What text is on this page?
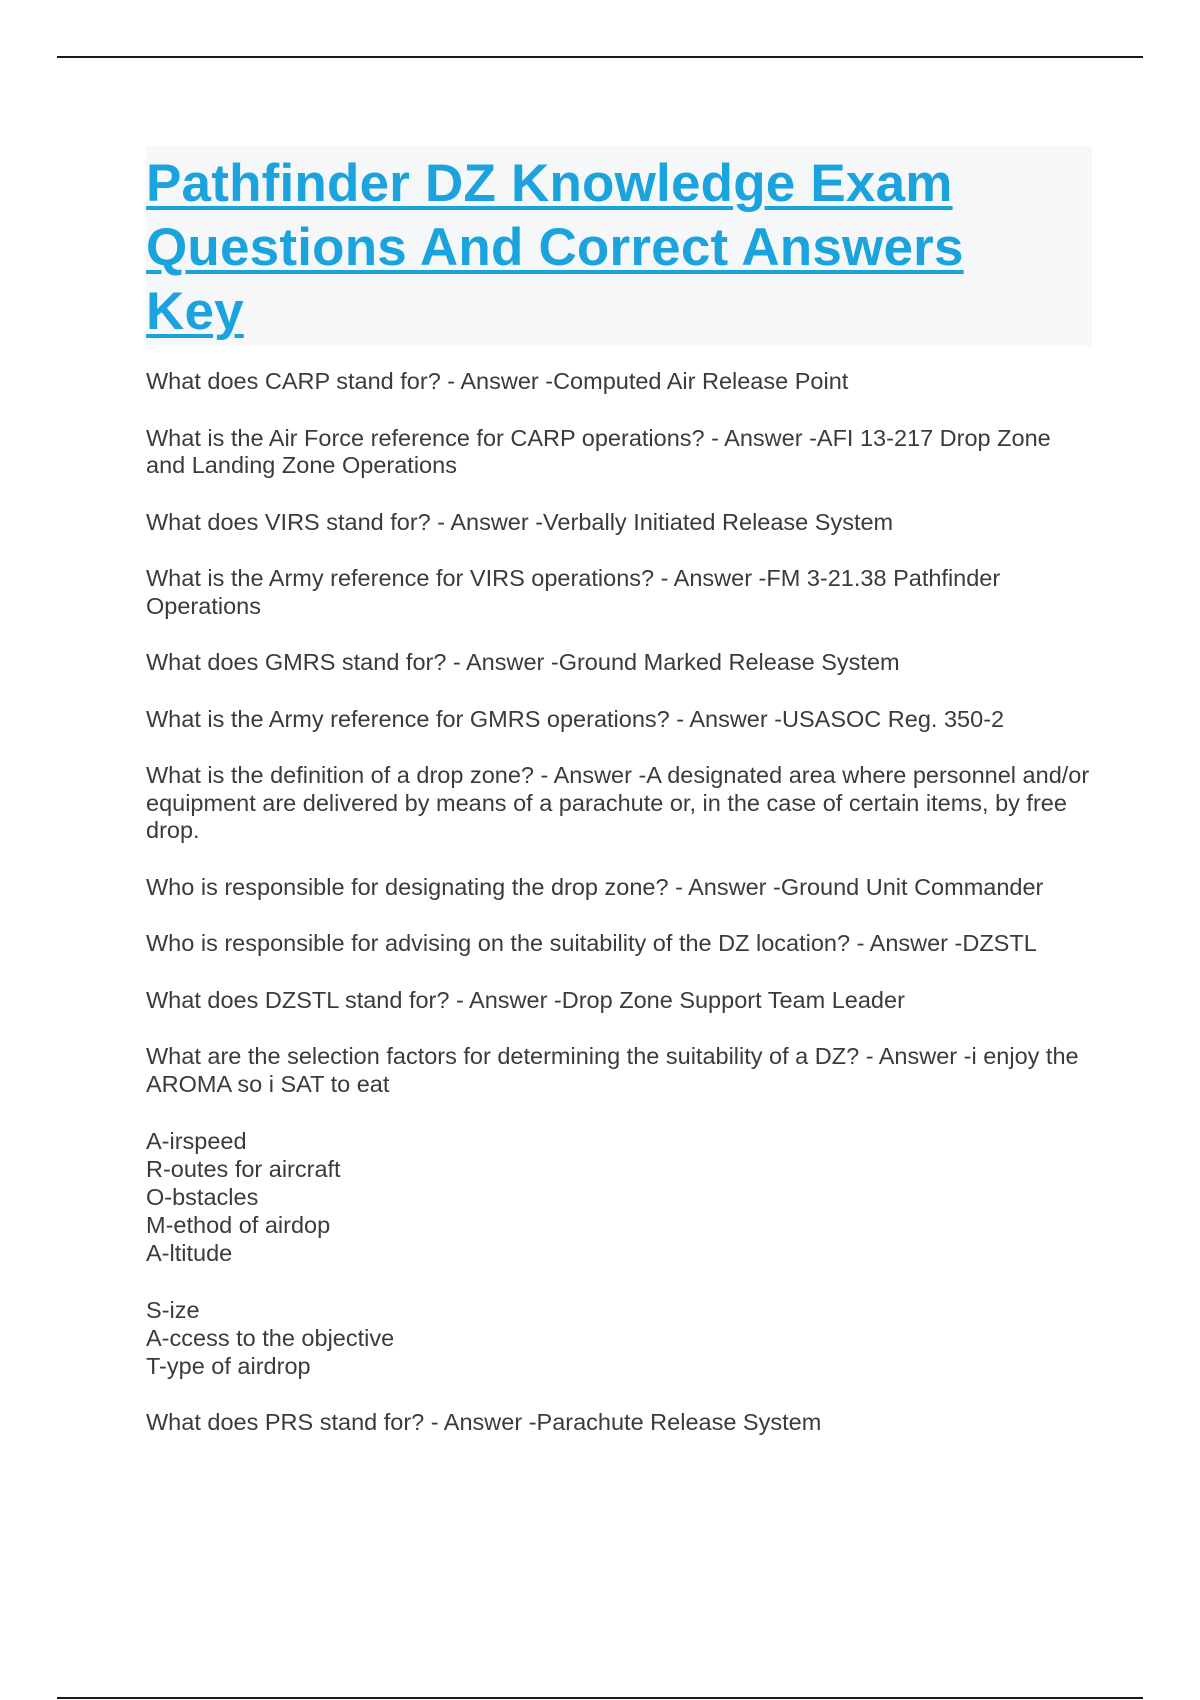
Pathfinder DZ Knowledge Exam Questions And Correct Answers Key

What does CARP stand for? - Answer -Computed Air Release Point

What is the Air Force reference for CARP operations? - Answer -AFI 13-217 Drop Zone and Landing Zone Operations

What does VIRS stand for? - Answer -Verbally Initiated Release System

What is the Army reference for VIRS operations? - Answer -FM 3-21.38 Pathfinder Operations

What does GMRS stand for? - Answer -Ground Marked Release System

What is the Army reference for GMRS operations? - Answer -USASOC Reg. 350-2

What is the definition of a drop zone? - Answer -A designated area where personnel and/or equipment are delivered by means of a parachute or, in the case of certain items, by free drop.

Who is responsible for designating the drop zone? - Answer -Ground Unit Commander

Who is responsible for advising on the suitability of the DZ location? - Answer -DZSTL

What does DZSTL stand for? - Answer -Drop Zone Support Team Leader

What are the selection factors for determining the suitability of a DZ? - Answer -i enjoy the AROMA so i SAT to eat

A-irspeed
R-outes for aircraft
O-bstacles
M-ethod of airdop
A-ltitude
S-ize
A-ccess to the objective
T-ype of airdrop

What does PRS stand for? - Answer -Parachute Release System
